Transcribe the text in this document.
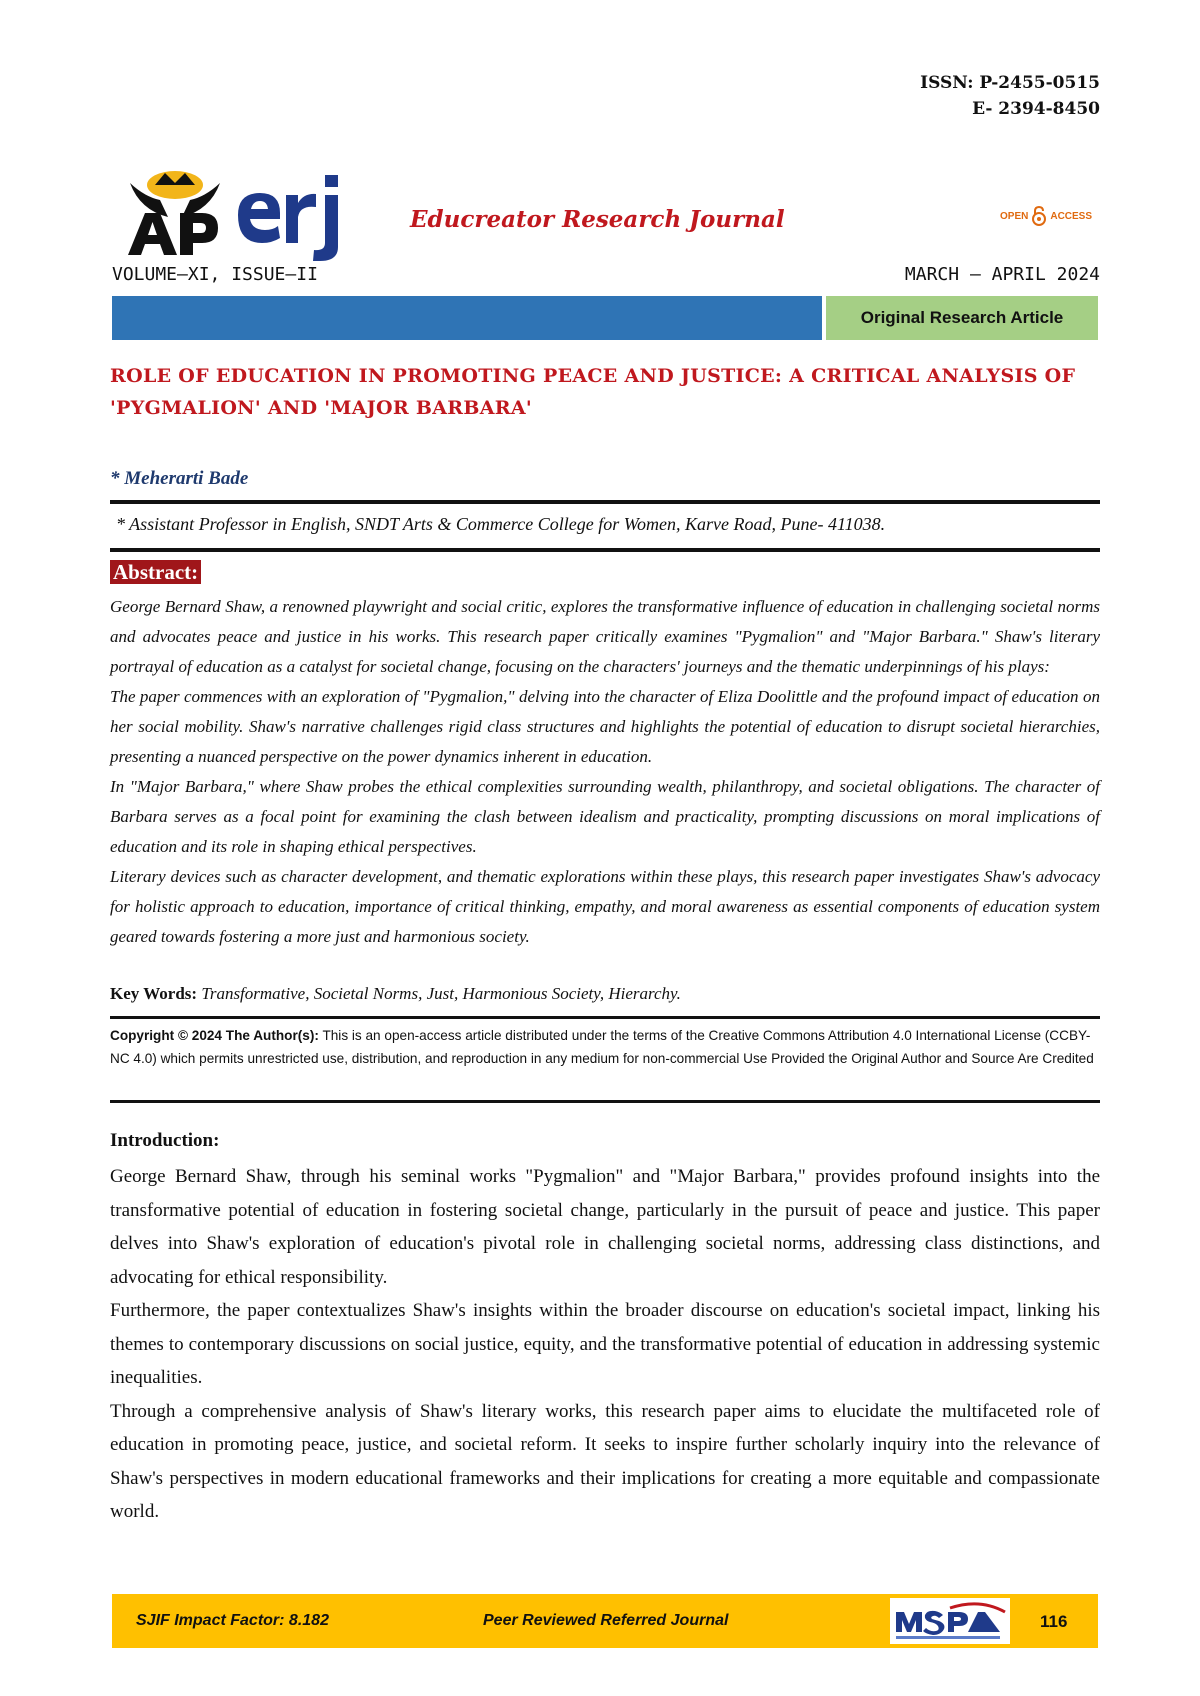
ISSN: P-2455-0515
E- 2394-8450
Educreator Research Journal	OPEN ACCESS
VOLUME–XI, ISSUE–II	MARCH – APRIL 2024
Original Research Article
ROLE OF EDUCATION IN PROMOTING PEACE AND JUSTICE: A CRITICAL ANALYSIS OF 'PYGMALION' AND 'MAJOR BARBARA'
* Meherarti Bade
* Assistant Professor in English, SNDT Arts & Commerce College for Women, Karve Road, Pune- 411038.
Abstract:

George Bernard Shaw, a renowned playwright and social critic, explores the transformative influence of education in challenging societal norms and advocates peace and justice in his works. This research paper critically examines "Pygmalion" and "Major Barbara." Shaw's literary portrayal of education as a catalyst for societal change, focusing on the characters' journeys and the thematic underpinnings of his plays:

The paper commences with an exploration of "Pygmalion," delving into the character of Eliza Doolittle and the profound impact of education on her social mobility. Shaw's narrative challenges rigid class structures and highlights the potential of education to disrupt societal hierarchies, presenting a nuanced perspective on the power dynamics inherent in education.

In "Major Barbara," where Shaw probes the ethical complexities surrounding wealth, philanthropy, and societal obligations. The character of Barbara serves as a focal point for examining the clash between idealism and practicality, prompting discussions on moral implications of education and its role in shaping ethical perspectives.

Literary devices such as character development, and thematic explorations within these plays, this research paper investigates Shaw's advocacy for holistic approach to education, importance of critical thinking, empathy, and moral awareness as essential components of education system geared towards fostering a more just and harmonious society.

Key Words: Transformative, Societal Norms, Just, Harmonious Society, Hierarchy.
Copyright © 2024 The Author(s): This is an open-access article distributed under the terms of the Creative Commons Attribution 4.0 International License (CCBY-NC 4.0) which permits unrestricted use, distribution, and reproduction in any medium for non-commercial Use Provided the Original Author and Source Are Credited
Introduction:

George Bernard Shaw, through his seminal works "Pygmalion" and "Major Barbara," provides profound insights into the transformative potential of education in fostering societal change, particularly in the pursuit of peace and justice. This paper delves into Shaw's exploration of education's pivotal role in challenging societal norms, addressing class distinctions, and advocating for ethical responsibility.

Furthermore, the paper contextualizes Shaw's insights within the broader discourse on education's societal impact, linking his themes to contemporary discussions on social justice, equity, and the transformative potential of education in addressing systemic inequalities.

Through a comprehensive analysis of Shaw's literary works, this research paper aims to elucidate the multifaceted role of education in promoting peace, justice, and societal reform. It seeks to inspire further scholarly inquiry into the relevance of Shaw's perspectives in modern educational frameworks and their implications for creating a more equitable and compassionate world.

SJIF Impact Factor: 8.182	Peer Reviewed Referred Journal	116
